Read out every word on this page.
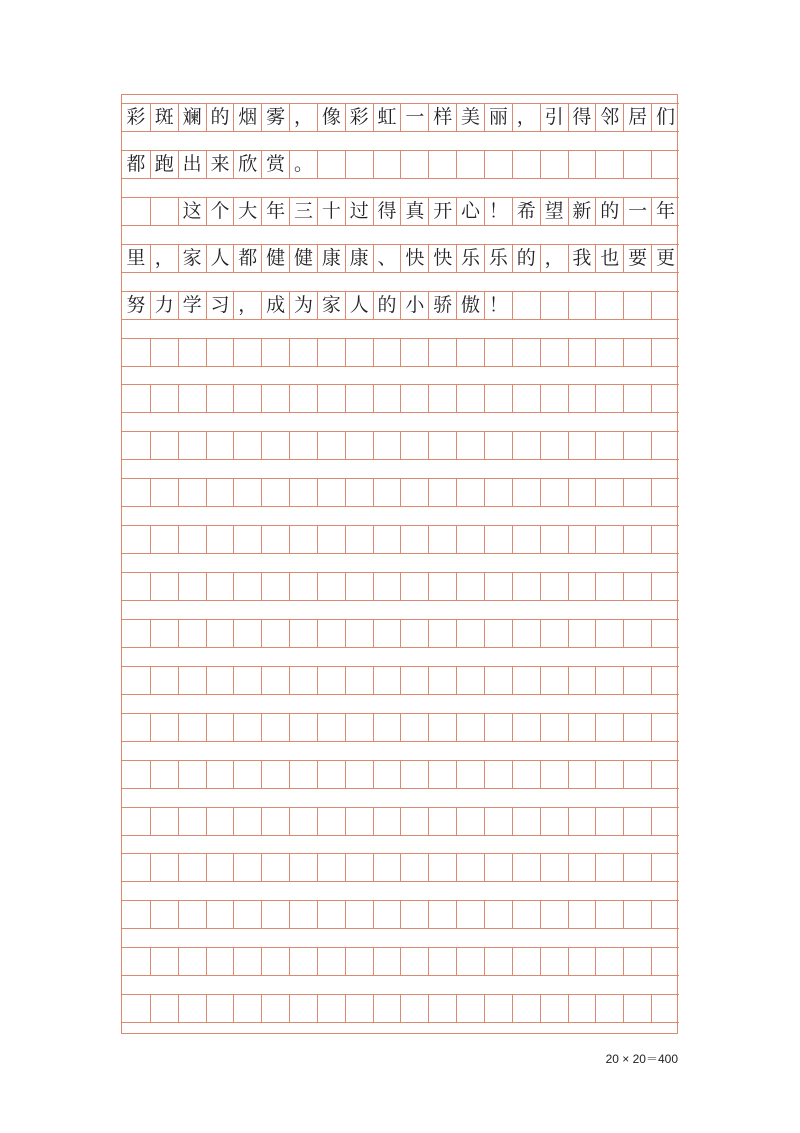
彩 斑 斓 的 烟 雾 ， 像 彩 虹 一 样 美 丽 ， 引 得 邻 居 们
都 跑 出 来 欣 赏 。
这 个 大 年 三 十 过 得 真 开 心 ！ 希 望 新 的 一 年
里 ， 家 人 都 健 健 康 康 、 快 快 乐 乐 的 ， 我 也 要 更
努 力 学 习 ， 成 为 家 人 的 小 骄 傲 ！
20 × 20＝400
